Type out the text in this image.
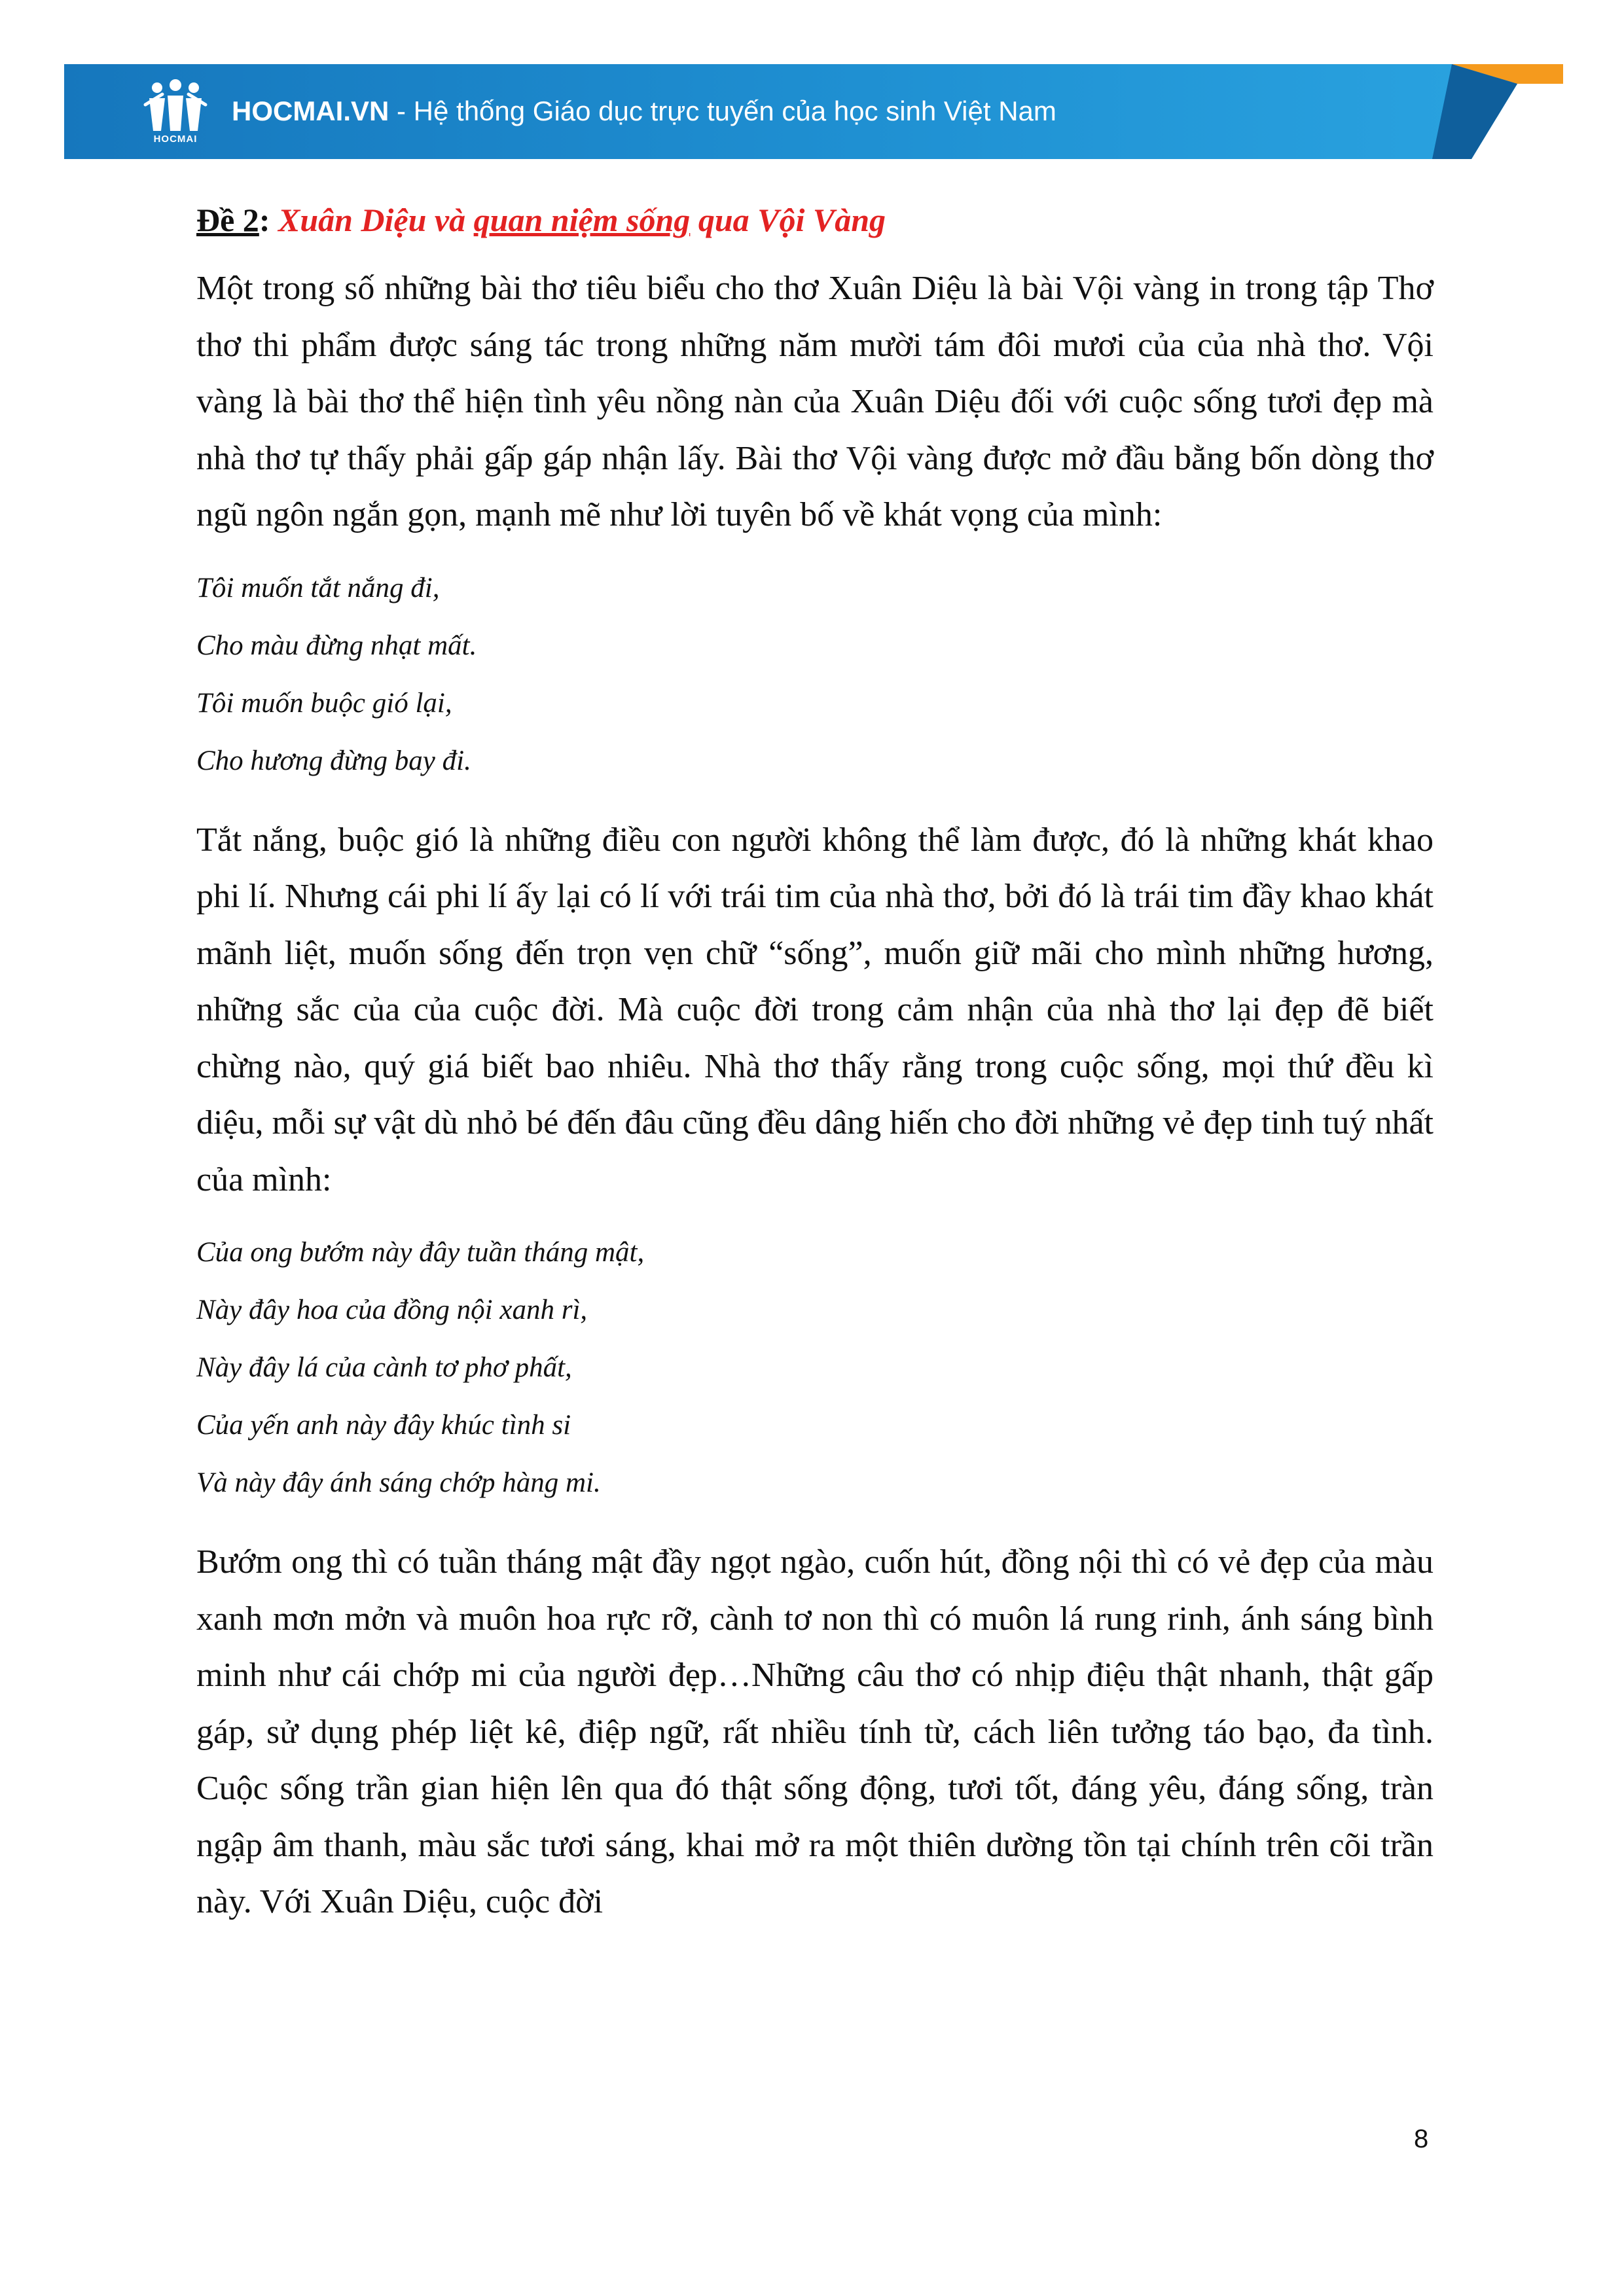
HOCMAI
HOCMAI.VN - Hệ thống Giáo dục trực tuyến của học sinh Việt Nam
Đề 2: Xuân Diệu và quan niệm sống qua Vội Vàng

Một trong số những bài thơ tiêu biểu cho thơ Xuân Diệu là bài Vội vàng in trong tập Thơ thơ thi phẩm được sáng tác trong những năm mười tám đôi mươi của của nhà thơ. Vội vàng là bài thơ thể hiện tình yêu nồng nàn của Xuân Diệu đối với cuộc sống tươi đẹp mà nhà thơ tự thấy phải gấp gáp nhận lấy. Bài thơ Vội vàng được mở đầu bằng bốn dòng thơ ngũ ngôn ngắn gọn, mạnh mẽ như lời tuyên bố về khát vọng của mình:

Tôi muốn tắt nắng đi,
Cho màu đừng nhạt mất.
Tôi muốn buộc gió lại,
Cho hương đừng bay đi.

Tắt nắng, buộc gió là những điều con người không thể làm được, đó là những khát khao phi lí. Nhưng cái phi lí ấy lại có lí với trái tim của nhà thơ, bởi đó là trái tim đầy khao khát mãnh liệt, muốn sống đến trọn vẹn chữ “sống”, muốn giữ mãi cho mình những hương, những sắc của của cuộc đời. Mà cuộc đời trong cảm nhận của nhà thơ lại đẹp đẽ biết chừng nào, quý giá biết bao nhiêu. Nhà thơ thấy rằng trong cuộc sống, mọi thứ đều kì diệu, mỗi sự vật dù nhỏ bé đến đâu cũng đều dâng hiến cho đời những vẻ đẹp tinh tuý nhất của mình:

Của ong bướm này đây tuần tháng mật,
Này đây hoa của đồng nội xanh rì,
Này đây lá của cành tơ phơ phất,
Của yến anh này đây khúc tình si
Và này đây ánh sáng chớp hàng mi.

Bướm ong thì có tuần tháng mật đầy ngọt ngào, cuốn hút, đồng nội thì có vẻ đẹp của màu xanh mơn mởn và muôn hoa rực rỡ, cành tơ non thì có muôn lá rung rinh, ánh sáng bình minh như cái chớp mi của người đẹp…Những câu thơ có nhịp điệu thật nhanh, thật gấp gáp, sử dụng phép liệt kê, điệp ngữ, rất nhiều tính từ, cách liên tưởng táo bạo, đa tình. Cuộc sống trần gian hiện lên qua đó thật sống động, tươi tốt, đáng yêu, đáng sống, tràn ngập âm thanh, màu sắc tươi sáng, khai mở ra một thiên dường tồn tại chính trên cõi trần này. Với Xuân Diệu, cuộc đời

8
